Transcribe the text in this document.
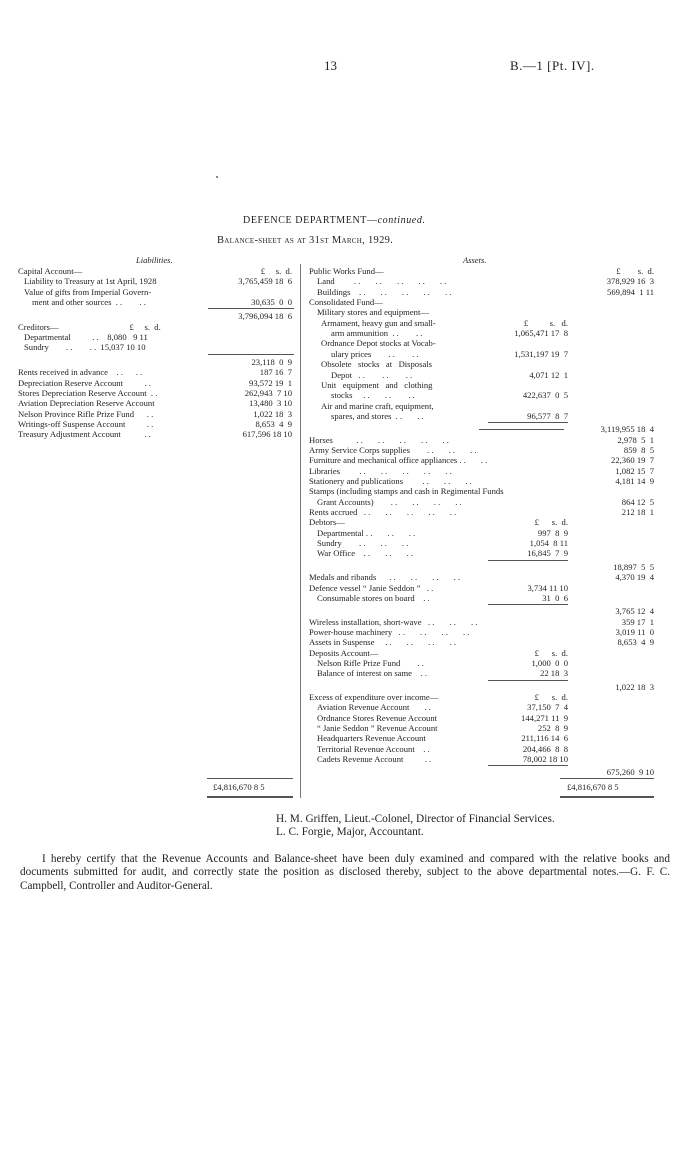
13	B.—1 [Pt. IV].
DEFENCE DEPARTMENT—continued.
Balance-sheet as at 31st March, 1929.
Liabilities.	Assets.
Capital Account—
Liability to Treasury at 1st April, 1928	3,765,459 18  6
£     s.  d.
Value of gifts from Imperial Govern-
ment and other sources  . .        . .	30,635  0  0
3,796,094 18  6
Creditors—                                 £     s.  d.
Departmental          . .    8,080   9 11
Sundry        . .        . .  15,037 10 10
23,118  0  9
Rents received in advance    . .      . .	187 16  7
Depreciation Reserve Account          . .	93,572 19  1
Stores Depreciation Reserve Account  . .	262,943  7 10
Aviation Depreciation Reserve Account	13,480  3 10
Nelson Province Rifle Prize Fund      . .	1,022 18  3
Writings-off Suspense Account          . .	8,653  4  9
Treasury Adjustment Account           . .	617,596 18 10
Public Works Fund—	£        s.  d.
Land         . .       . .       . .       . .       . .	378,929 16  3
Buildings    . .       . .       . .       . .       . .	569,894  1 11
Consolidated Fund—
Military stores and equipment—
Armament, heavy gun and small-	£          s.   d.
arm ammunition  . .        . .	1,065,471 17  8
Ordnance Depot stocks at Vocab-
ulary prices        . .        . .	1,531,197 19  7
Obsolete   stocks   at   Disposals
Depot   . .        . .        . .	4,071 12  1
Unit   equipment   and   clothing
stocks     . .       . .        . .	422,637  0  5
Air and marine craft, equipment,
spares, and stores  . .       . .	96,577  8  7
3,119,955 18  4
Horses           . .       . .       . .       . .       . .	2,978  5  1
Army Service Corps supplies        . .       . .       . .	859  8  5
Furniture and mechanical office appliances . .       . .	22,360 19  7
Libraries         . .       . .       . .       . .       . .	1,082 15  7
Stationery and publications         . .       . .       . .	4,181 14  9
Stamps (including stamps and cash in Regimental Funds
Grant Accounts)        . .       . .       . .       . .	864 12  5
Rents accrued   . .       . .       . .       . .       . .	212 18  1
Debtors—	£      s.  d.
Departmental . .       . .       . .	997  8  9
Sundry        . .       . .       . .	1,054  8 11
War Office    . .       . .       . .	16,845  7  9
18,897  5  5
Medals and ribands      . .       . .       . .       . .	4,370 19  4
Defence vessel “ Janie Seddon ”   . .	3,734 11 10
Consumable stores on board    . .	31  0  6
3,765 12  4
Wireless installation, short-wave   . .       . .       . .	359 17  1
Power-house machinery   . .       . .       . .       . .	3,019 11  0
Assets in Suspense     . .       . .       . .       . .	8,653  4  9
Deposits Account—	£      s.  d.
Nelson Rifle Prize Fund        . .	1,000  0  0
Balance of interest on same    . .	22 18  3
1,022 18  3
Excess of expenditure over income—	£      s.  d.
Aviation Revenue Account       . .	37,150  7  4
Ordnance Stores Revenue Account	144,271 11  9
“ Janie Seddon ” Revenue Account	252  8  9
Headquarters Revenue Account	211,116 14  6
Territorial Revenue Account    . .	204,466  8  8
Cadets Revenue Account          . .	78,002 18 10
675,260  9 10
£4,816,670 8 5	£4,816,670 8 5
H. M. Griffen, Lieut.-Colonel, Director of Financial Services.
L. C. Forgie, Major, Accountant.
I hereby certify that the Revenue Accounts and Balance-sheet have been duly examined and compared with the relative books and documents submitted for audit, and correctly state the position as disclosed thereby, subject to the above departmental notes.—G. F. C. Campbell, Controller and Auditor-General.
